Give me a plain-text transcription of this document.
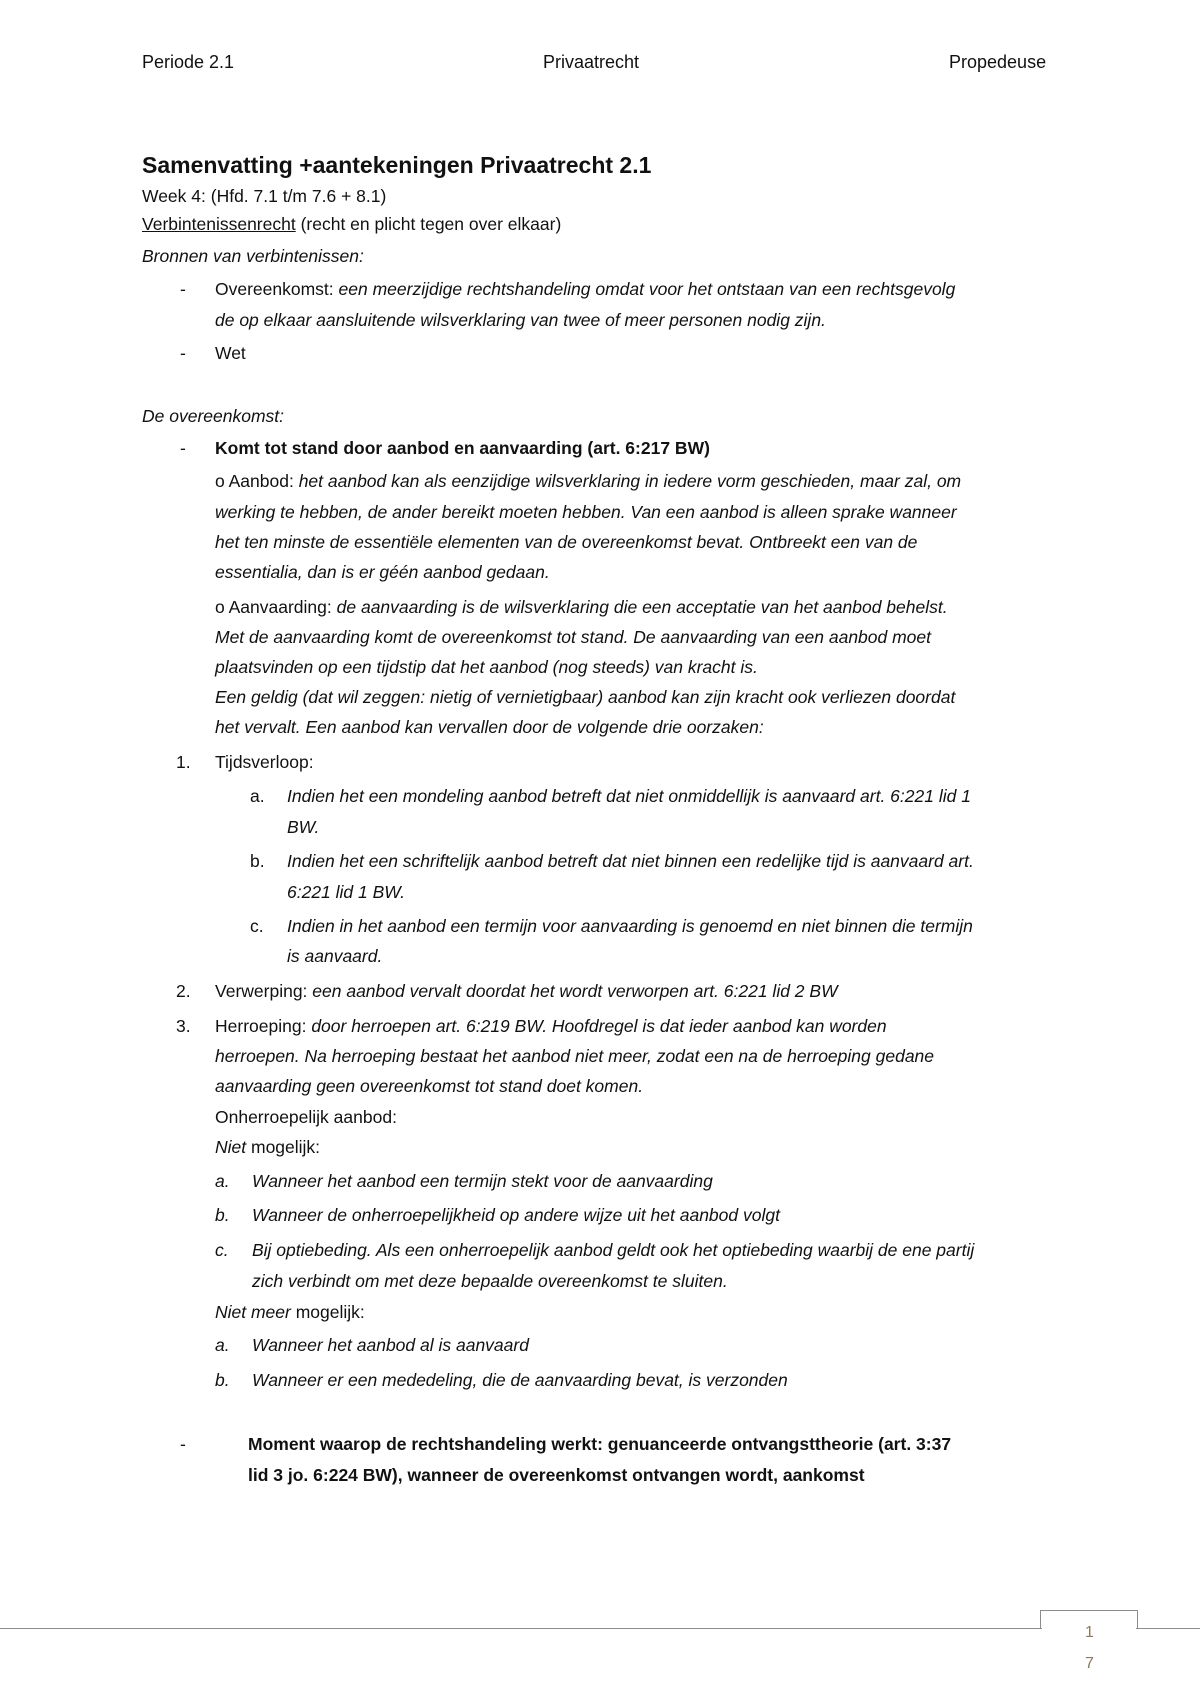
Periode 2.1	Privaatrecht	Propedeuse
Samenvatting +aantekeningen Privaatrecht 2.1
Week 4: (Hfd. 7.1 t/m 7.6 + 8.1)
Verbintenissenrecht (recht en plicht tegen over elkaar)
Bronnen van verbintenissen:
- Overeenkomst: een meerzijdige rechtshandeling omdat voor het ontstaan van een rechtsgevolg
de op elkaar aansluitende wilsverklaring van twee of meer personen nodig zijn.
- Wet
De overeenkomst:
- Komt tot stand door aanbod en aanvaarding (art. 6:217 BW)
o Aanbod: het aanbod kan als eenzijdige wilsverklaring in iedere vorm geschieden, maar zal, om
werking te hebben, de ander bereikt moeten hebben. Van een aanbod is alleen sprake wanneer
het ten minste de essentiële elementen van de overeenkomst bevat. Ontbreekt een van de
essentialia, dan is er géén aanbod gedaan.
o Aanvaarding: de aanvaarding is de wilsverklaring die een acceptatie van het aanbod behelst.
Met de aanvaarding komt de overeenkomst tot stand. De aanvaarding van een aanbod moet
plaatsvinden op een tijdstip dat het aanbod (nog steeds) van kracht is.
Een geldig (dat wil zeggen: nietig of vernietigbaar) aanbod kan zijn kracht ook verliezen doordat
het vervalt. Een aanbod kan vervallen door de volgende drie oorzaken:
1. Tijdsverloop:
a. Indien het een mondeling aanbod betreft dat niet onmiddellijk is aanvaard art. 6:221 lid 1
BW.
b. Indien het een schriftelijk aanbod betreft dat niet binnen een redelijke tijd is aanvaard art.
6:221 lid 1 BW.
c. Indien in het aanbod een termijn voor aanvaarding is genoemd en niet binnen die termijn
is aanvaard.
2. Verwerping: een aanbod vervalt doordat het wordt verworpen art. 6:221 lid 2 BW
3. Herroeping: door herroepen art. 6:219 BW. Hoofdregel is dat ieder aanbod kan worden
herroepen. Na herroeping bestaat het aanbod niet meer, zodat een na de herroeping gedane
aanvaarding geen overeenkomst tot stand doet komen.
Onherroepelijk aanbod:
Niet mogelijk:
a. Wanneer het aanbod een termijn stekt voor de aanvaarding
b. Wanneer de onherroepelijkheid op andere wijze uit het aanbod volgt
c. Bij optiebeding. Als een onherroepelijk aanbod geldt ook het optiebeding waarbij de ene partij
zich verbindt om met deze bepaalde overeenkomst te sluiten.
Niet meer mogelijk:
a. Wanneer het aanbod al is aanvaard
b. Wanneer er een mededeling, die de aanvaarding bevat, is verzonden
-	Moment waarop de rechtshandeling werkt: genuanceerde ontvangsttheorie (art. 3:37
lid 3 jo. 6:224 BW), wanneer de overeenkomst ontvangen wordt, aankomst
1
7
